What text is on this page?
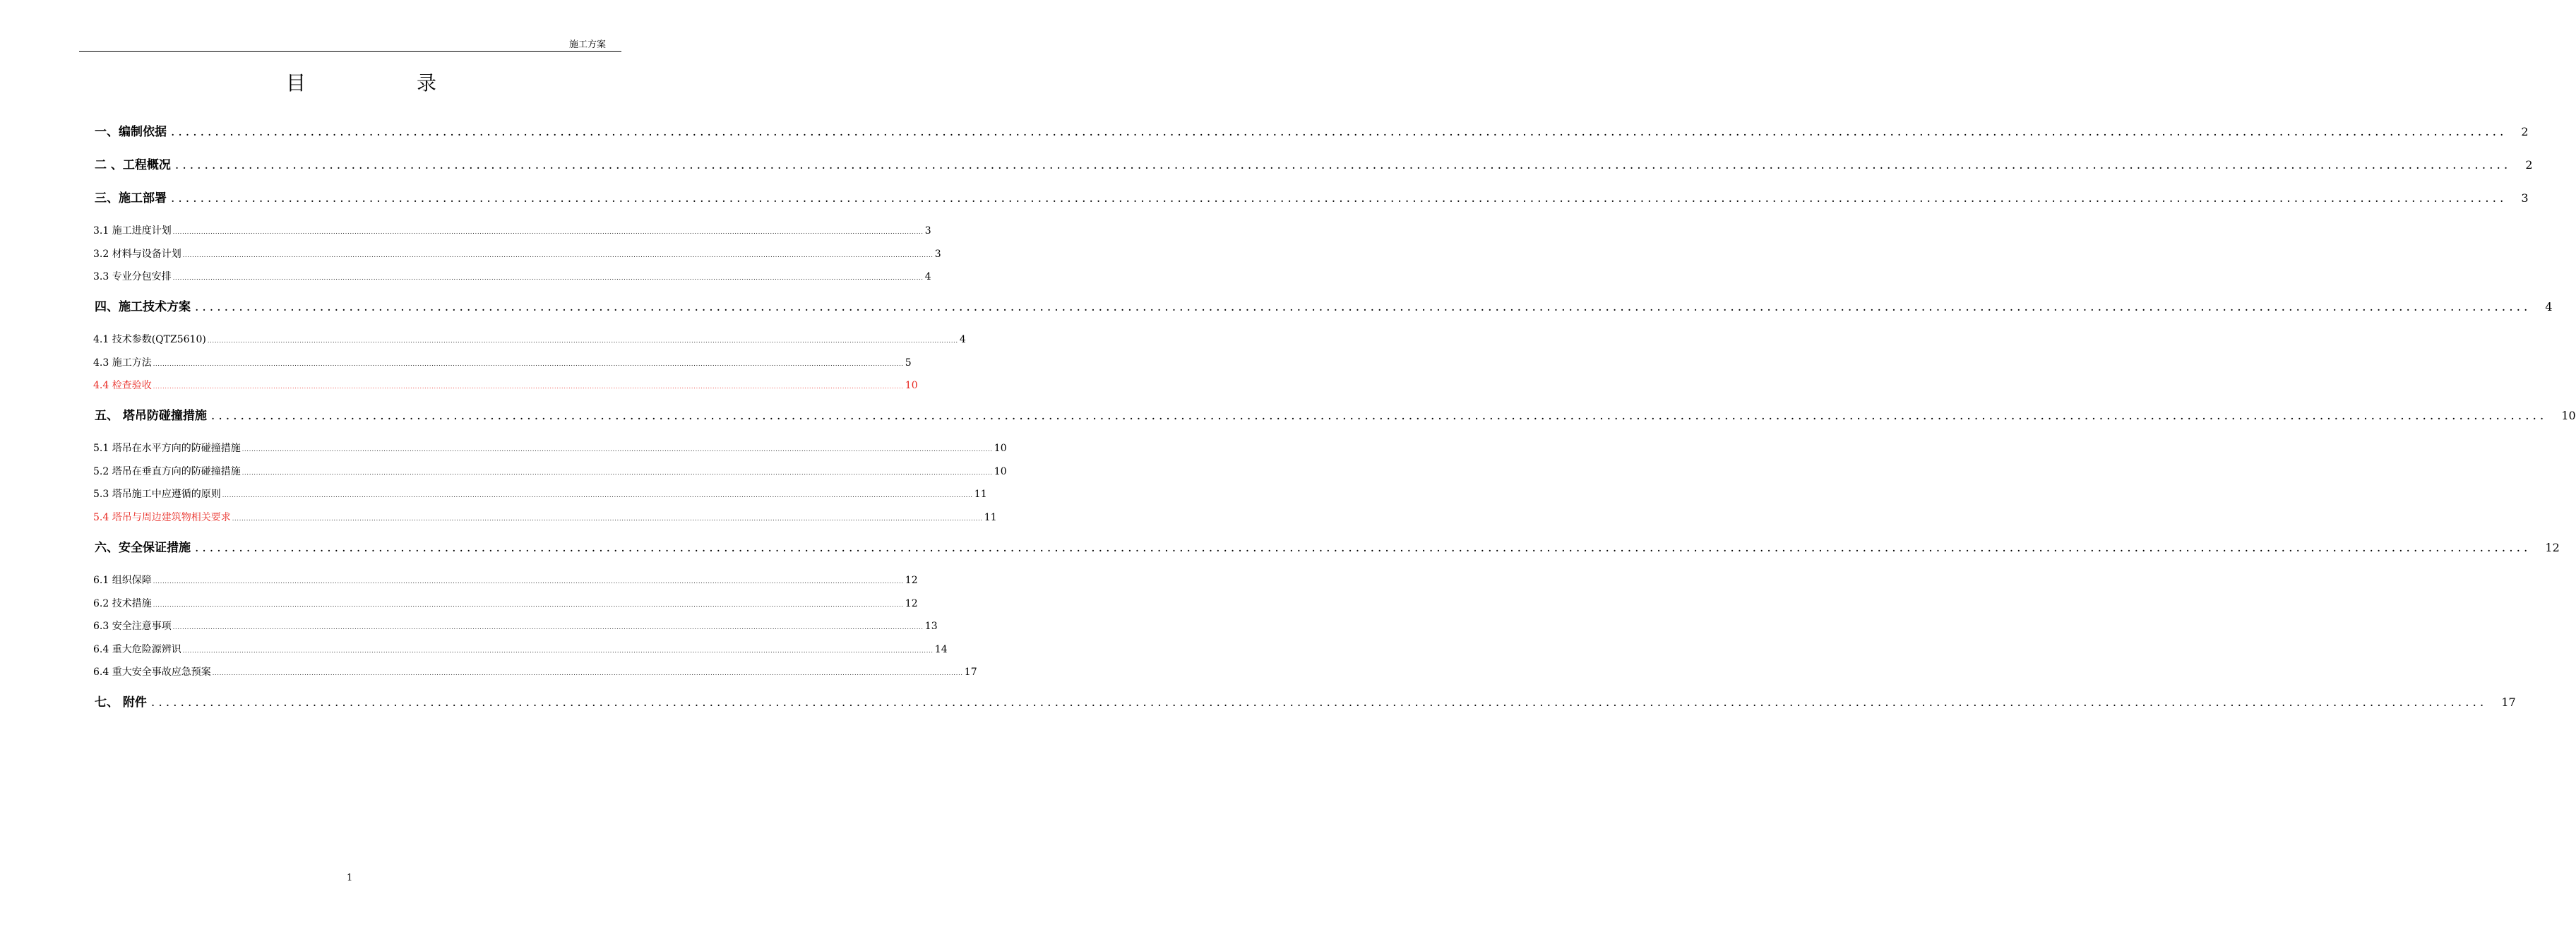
施工方案
目	录
一、编制依据 .............................................................................................................................................................................................................................................................................................................................. 2
二 、工程概况 .............................................................................................................................................................................................................................................................................................................................. 2
三、施工部署 .............................................................................................................................................................................................................................................................................................................................. 3
3.1 施工进度计划 .............................................................................................................................................................................................................................................................................................................................. 3
3.2 材料与设备计划 .............................................................................................................................................................................................................................................................................................................................. 3
3.3 专业分包安排 .............................................................................................................................................................................................................................................................................................................................. 4
四、施工技术方案 .............................................................................................................................................................................................................................................................................................................................. 4
4.1 技术参数(QTZ5610) .............................................................................................................................................................................................................................................................................................................................. 4
4.3 施工方法 .............................................................................................................................................................................................................................................................................................................................. 5
4.4 检查验收 .............................................................................................................................................................................................................................................................................................................................. 10
五、 塔吊防碰撞措施 .............................................................................................................................................................................................................................................................................................................................. 10
5.1 塔吊在水平方向的防碰撞措施 .............................................................................................................................................................................................................................................................................................................................. 10
5.2 塔吊在垂直方向的防碰撞措施 .............................................................................................................................................................................................................................................................................................................................. 10
5.3 塔吊施工中应遵循的原则 .............................................................................................................................................................................................................................................................................................................................. 11
5.4 塔吊与周边建筑物相关要求 .............................................................................................................................................................................................................................................................................................................................. 11
六、安全保证措施 .............................................................................................................................................................................................................................................................................................................................. 12
6.1 组织保障 .............................................................................................................................................................................................................................................................................................................................. 12
6.2 技术措施 .............................................................................................................................................................................................................................................................................................................................. 12
6.3 安全注意事项 .............................................................................................................................................................................................................................................................................................................................. 13
6.4 重大危险源辨识 .............................................................................................................................................................................................................................................................................................................................. 14
6.4 重大安全事故应急预案 .............................................................................................................................................................................................................................................................................................................................. 17
七、 附件 .............................................................................................................................................................................................................................................................................................................................. 17
1
